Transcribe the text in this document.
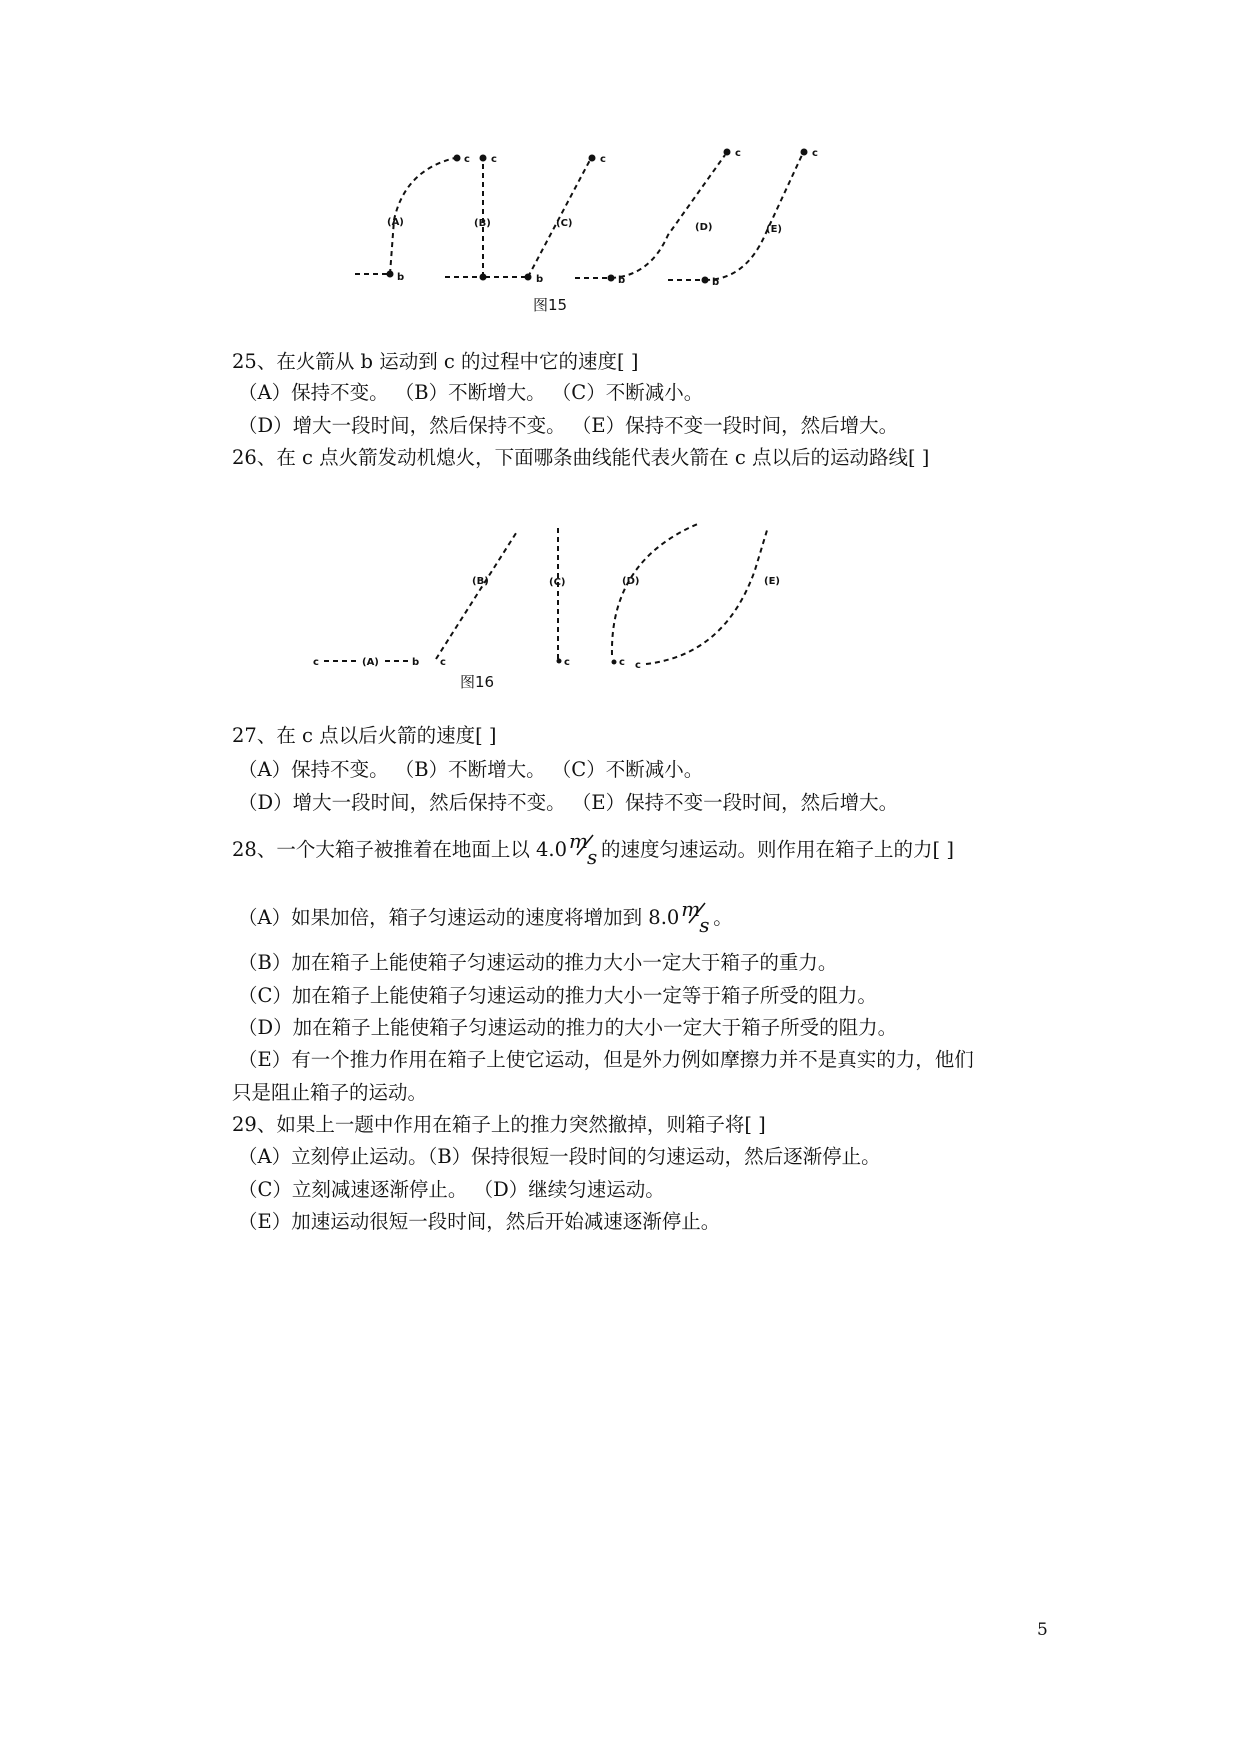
b
c
(A)
c
(B)
b
c
(C)
b
c
(D)
b
c
(E)
图15
25、在火箭从 b 运动到 c 的过程中它的速度[ ]
（A）保持不变。 （B）不断增大。 （C）不断减小。
（D）增大一段时间，然后保持不变。 （E）保持不变一段时间，然后增大。
26、在 c 点火箭发动机熄火，下面哪条曲线能代表火箭在 c 点以后的运动路线[ ]
c	(A)	b c
(B)
c
(C)
c
(D)
c
(E)
图16
27、在 c 点以后火箭的速度[ ]
（A）保持不变。 （B）不断增大。 （C）不断减小。
（D）增大一段时间，然后保持不变。 （E）保持不变一段时间，然后增大。
28、一个大箱子被推着在地面上以 4.0 m
s 的速度匀速运动。则作用在箱子上的力[ ]
（A）如果加倍，箱子匀速运动的速度将增加到 8.0 m
s 。
（B）加在箱子上能使箱子匀速运动的推力大小一定大于箱子的重力。
（C）加在箱子上能使箱子匀速运动的推力大小一定等于箱子所受的阻力。
（D）加在箱子上能使箱子匀速运动的推力的大小一定大于箱子所受的阻力。
（E）有一个推力作用在箱子上使它运动，但是外力例如摩擦力并不是真实的力，他们
只是阻止箱子的运动。
29、如果上一题中作用在箱子上的推力突然撤掉，则箱子将[ ]
（A）立刻停止运动。（B）保持很短一段时间的匀速运动，然后逐渐停止。
（C）立刻减速逐渐停止。 （D）继续匀速运动。
（E）加速运动很短一段时间，然后开始减速逐渐停止。
5
